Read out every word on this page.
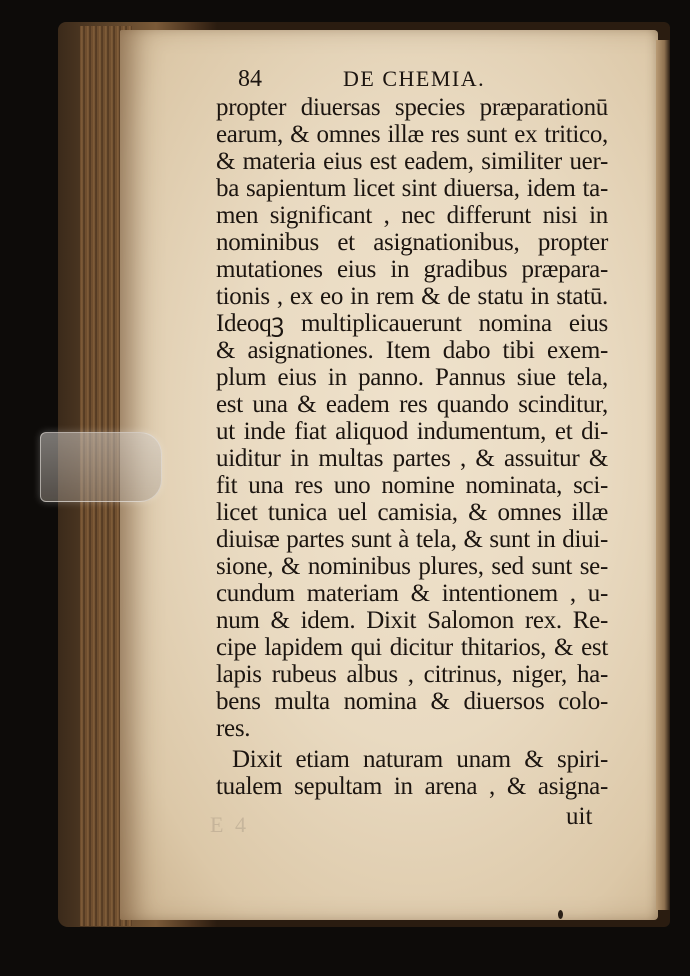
84	DE CHEMIA.
propter diuersas species præparationū
earum, & omnes illæ res sunt ex tritico,
& materia eius est eadem, similiter uer-
ba sapientum licet sint diuersa, idem ta-
men significant , nec differunt nisi in
nominibus et asignationibus, propter
mutationes eius in gradibus præpara-
tionis , ex eo in rem & de statu in statū.
Ideoqꝫ multiplicauerunt nomina eius
& asignationes. Item dabo tibi exem-
plum eius in panno. Pannus siue tela,
est una & eadem res quando scinditur,
ut inde fiat aliquod indumentum, et di-
uiditur in multas partes , & assuitur &
fit una res uno nomine nominata, sci-
licet tunica uel camisia, & omnes illæ
diuisæ partes sunt à tela, & sunt in diui-
sione, & nominibus plures, sed sunt se-
cundum materiam & intentionem , u-
num & idem. Dixit Salomon rex. Re-
cipe lapidem qui dicitur thitarios, & est
lapis rubeus albus , citrinus, niger, ha-
bens multa nomina & diuersos colo-
res.
Dixit etiam naturam unam & spiri-
tualem sepultam in arena , & asigna-
uit
E 4
